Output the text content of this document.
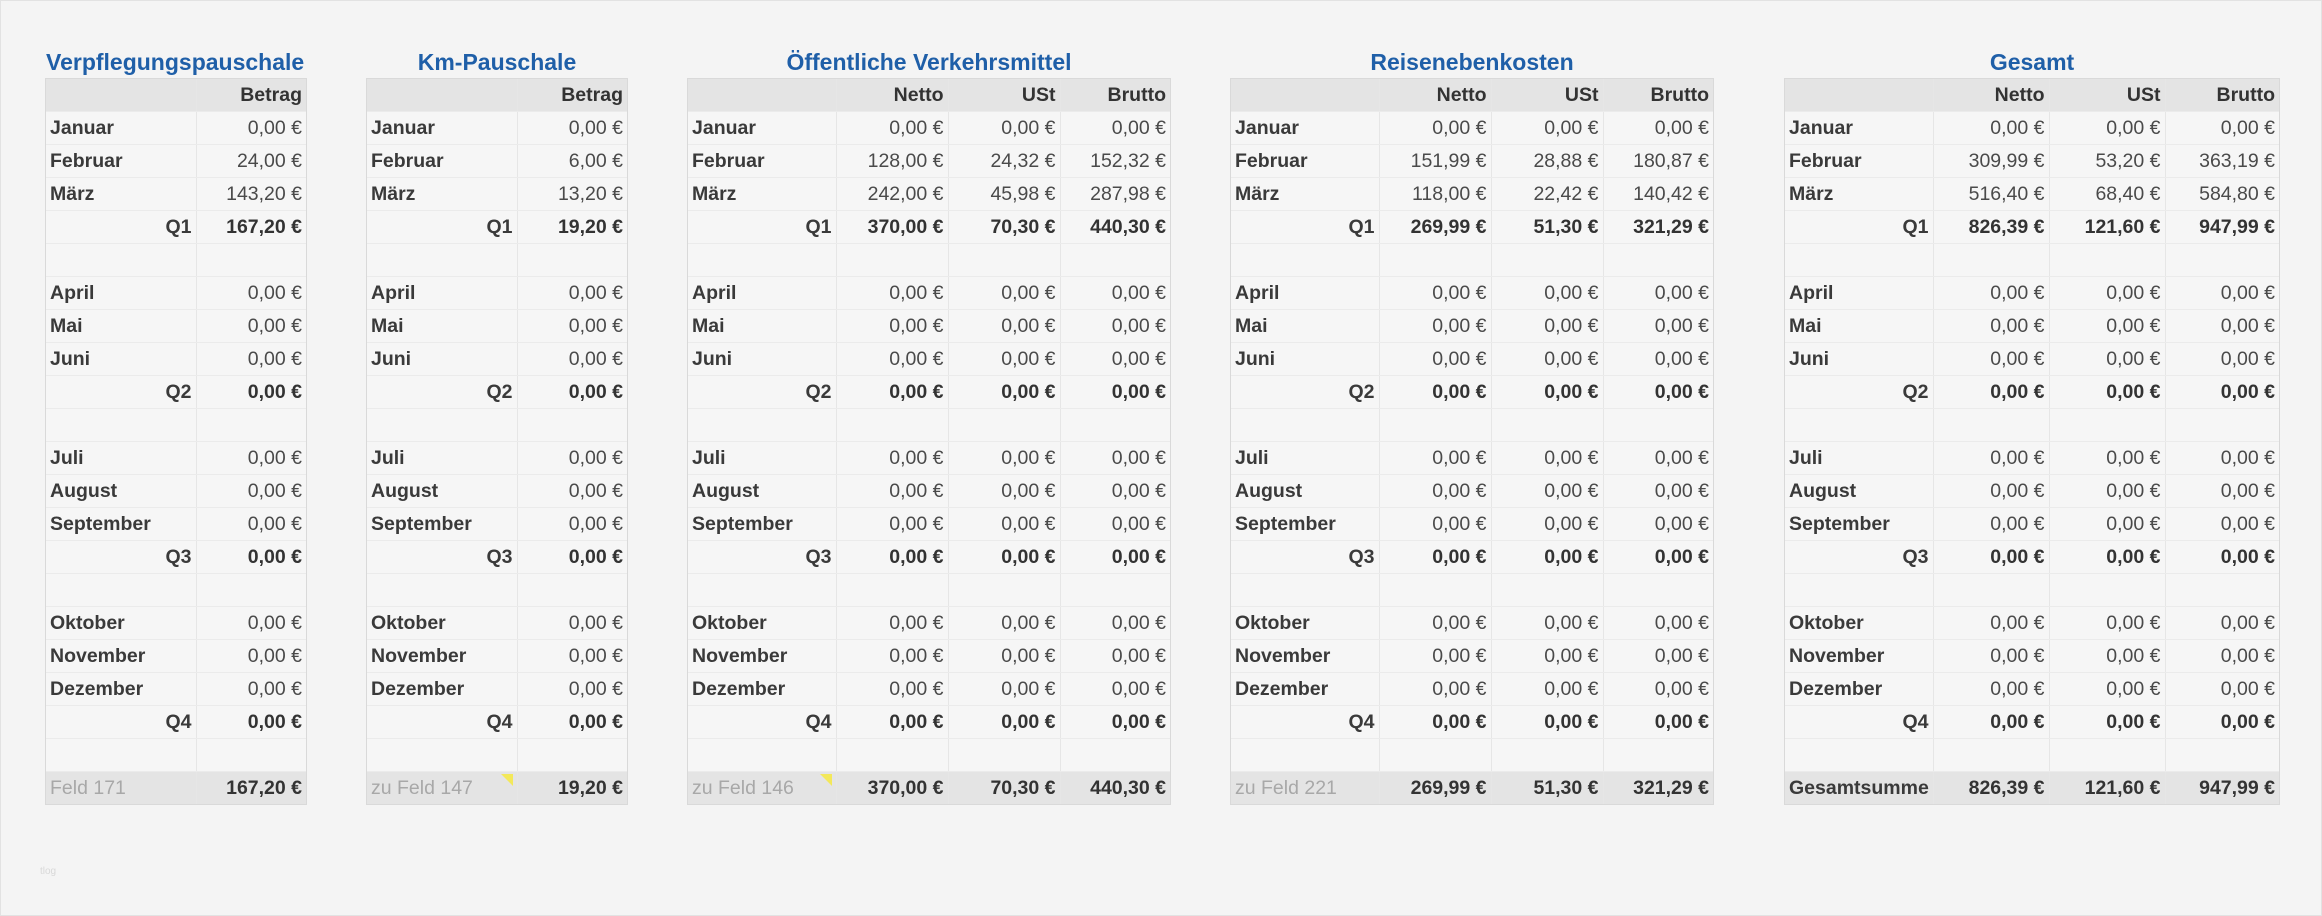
Verpflegungspauschale
	Betrag
Januar	0,00 €
Februar	24,00 €
März	143,20 €
Q1	167,20 €

April	0,00 €
Mai	0,00 €
Juni	0,00 €
Q2	0,00 €

Juli	0,00 €
August	0,00 €
September	0,00 €
Q3	0,00 €

Oktober	0,00 €
November	0,00 €
Dezember	0,00 €
Q4	0,00 €

Feld 171	167,20 €
Km-Pauschale
	Betrag
Januar	0,00 €
Februar	6,00 €
März	13,20 €
Q1	19,20 €

April	0,00 €
Mai	0,00 €
Juni	0,00 €
Q2	0,00 €

Juli	0,00 €
August	0,00 €
September	0,00 €
Q3	0,00 €

Oktober	0,00 €
November	0,00 €
Dezember	0,00 €
Q4	0,00 €

zu Feld 147	19,20 €
Öffentliche Verkehrsmittel
	Netto	USt	Brutto
Januar	0,00 €	0,00 €	0,00 €
Februar	128,00 €	24,32 €	152,32 €
März	242,00 €	45,98 €	287,98 €
Q1	370,00 €	70,30 €	440,30 €

April	0,00 €	0,00 €	0,00 €
Mai	0,00 €	0,00 €	0,00 €
Juni	0,00 €	0,00 €	0,00 €
Q2	0,00 €	0,00 €	0,00 €

Juli	0,00 €	0,00 €	0,00 €
August	0,00 €	0,00 €	0,00 €
September	0,00 €	0,00 €	0,00 €
Q3	0,00 €	0,00 €	0,00 €

Oktober	0,00 €	0,00 €	0,00 €
November	0,00 €	0,00 €	0,00 €
Dezember	0,00 €	0,00 €	0,00 €
Q4	0,00 €	0,00 €	0,00 €

zu Feld 146	370,00 €	70,30 €	440,30 €
Reisenebenkosten
	Netto	USt	Brutto
Januar	0,00 €	0,00 €	0,00 €
Februar	151,99 €	28,88 €	180,87 €
März	118,00 €	22,42 €	140,42 €
Q1	269,99 €	51,30 €	321,29 €

April	0,00 €	0,00 €	0,00 €
Mai	0,00 €	0,00 €	0,00 €
Juni	0,00 €	0,00 €	0,00 €
Q2	0,00 €	0,00 €	0,00 €

Juli	0,00 €	0,00 €	0,00 €
August	0,00 €	0,00 €	0,00 €
September	0,00 €	0,00 €	0,00 €
Q3	0,00 €	0,00 €	0,00 €

Oktober	0,00 €	0,00 €	0,00 €
November	0,00 €	0,00 €	0,00 €
Dezember	0,00 €	0,00 €	0,00 €
Q4	0,00 €	0,00 €	0,00 €

zu Feld 221	269,99 €	51,30 €	321,29 €
Gesamt
	Netto	USt	Brutto
Januar	0,00 €	0,00 €	0,00 €
Februar	309,99 €	53,20 €	363,19 €
März	516,40 €	68,40 €	584,80 €
Q1	826,39 €	121,60 €	947,99 €

April	0,00 €	0,00 €	0,00 €
Mai	0,00 €	0,00 €	0,00 €
Juni	0,00 €	0,00 €	0,00 €
Q2	0,00 €	0,00 €	0,00 €

Juli	0,00 €	0,00 €	0,00 €
August	0,00 €	0,00 €	0,00 €
September	0,00 €	0,00 €	0,00 €
Q3	0,00 €	0,00 €	0,00 €

Oktober	0,00 €	0,00 €	0,00 €
November	0,00 €	0,00 €	0,00 €
Dezember	0,00 €	0,00 €	0,00 €
Q4	0,00 €	0,00 €	0,00 €

Gesamtsumme	826,39 €	121,60 €	947,99 €
tlog
